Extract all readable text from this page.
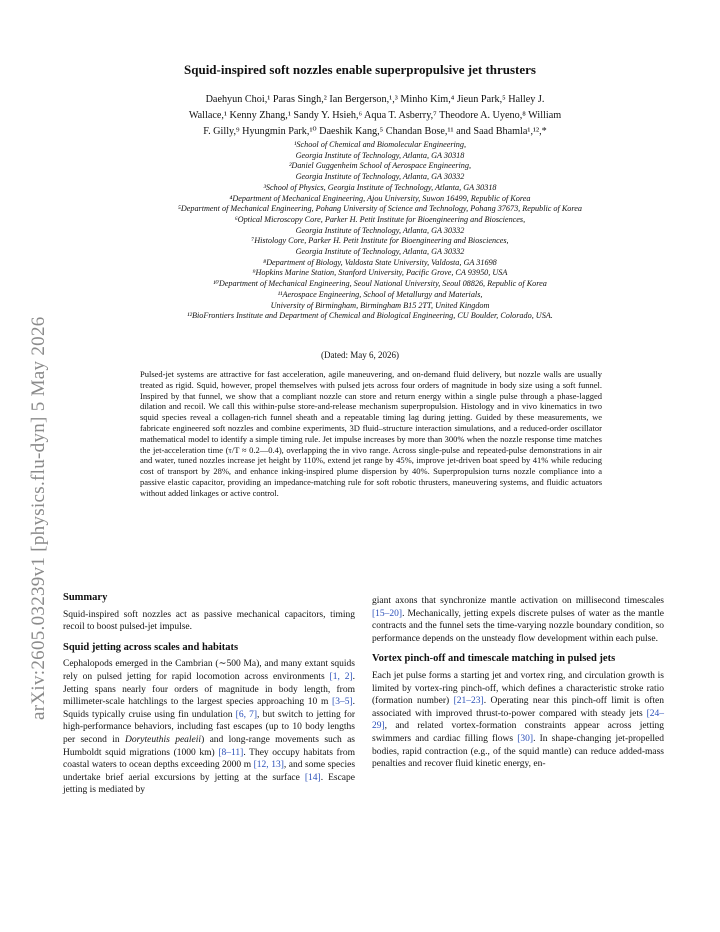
arXiv:2605.03239v1 [physics.flu-dyn] 5 May 2026
Squid-inspired soft nozzles enable superpropulsive jet thrusters
Daehyun Choi,¹ Paras Singh,² Ian Bergerson,¹,³ Minho Kim,⁴ Jieun Park,⁵ Halley J.
Wallace,¹ Kenny Zhang,¹ Sandy Y. Hsieh,⁶ Aqua T. Asberry,⁷ Theodore A. Uyeno,⁸ William
F. Gilly,⁹ Hyungmin Park,¹⁰ Daeshik Kang,⁵ Chandan Bose,¹¹ and Saad Bhamla¹,¹²,*
¹School of Chemical and Biomolecular Engineering,
Georgia Institute of Technology, Atlanta, GA 30318
²Daniel Guggenheim School of Aerospace Engineering,
Georgia Institute of Technology, Atlanta, GA 30332
³School of Physics, Georgia Institute of Technology, Atlanta, GA 30318
⁴Department of Mechanical Engineering, Ajou University, Suwon 16499, Republic of Korea
⁵Department of Mechanical Engineering, Pohang University of Science and Technology, Pohang 37673, Republic of Korea
⁶Optical Microscopy Core, Parker H. Petit Institute for Bioengineering and Biosciences,
Georgia Institute of Technology, Atlanta, GA 30332
⁷Histology Core, Parker H. Petit Institute for Bioengineering and Biosciences,
Georgia Institute of Technology, Atlanta, GA 30332
⁸Department of Biology, Valdosta State University, Valdosta, GA 31698
⁹Hopkins Marine Station, Stanford University, Pacific Grove, CA 93950, USA
¹⁰Department of Mechanical Engineering, Seoul National University, Seoul 08826, Republic of Korea
¹¹Aerospace Engineering, School of Metallurgy and Materials,
University of Birmingham, Birmingham B15 2TT, United Kingdom
¹²BioFrontiers Institute and Department of Chemical and Biological Engineering, CU Boulder, Colorado, USA.
(Dated: May 6, 2026)
Pulsed-jet systems are attractive for fast acceleration, agile maneuvering, and on-demand fluid delivery, but nozzle walls are usually treated as rigid. Squid, however, propel themselves with pulsed jets across four orders of magnitude in body size using a soft funnel. Inspired by that funnel, we show that a compliant nozzle can store and return energy within a single pulse through a phase-lagged dilation and recoil. We call this within-pulse store-and-release mechanism superpropulsion. Histology and in vivo kinematics in two squid species reveal a collagen-rich funnel sheath and a repeatable timing lag during jetting. Guided by these measurements, we fabricate engineered soft nozzles and combine experiments, 3D fluid–structure interaction simulations, and a reduced-order oscillator mathematical model to identify a simple timing rule. Jet impulse increases by more than 300% when the nozzle response time matches the jet-acceleration time (τ/T ≈ 0.2—0.4), overlapping the in vivo range. Across single-pulse and repeated-pulse demonstrations in air and water, tuned nozzles increase jet height by 110%, extend jet range by 45%, improve jet-driven boat speed by 41% while reducing cost of transport by 28%, and enhance inking-inspired plume dispersion by 40%. Superpropulsion turns nozzle compliance into a passive elastic capacitor, providing an impedance-matching rule for soft robotic thrusters, maneuvering systems, and fluidic actuators without added linkages or active control.
Summary

Squid-inspired soft nozzles act as passive mechanical capacitors, timing recoil to boost pulsed-jet impulse.

Squid jetting across scales and habitats

Cephalopods emerged in the Cambrian (∼500 Ma), and many extant squids rely on pulsed jetting for rapid locomotion across environments [1, 2]. Jetting spans nearly four orders of magnitude in body length, from millimeter-scale hatchlings to the largest species approaching 10 m [3–5]. Squids typically cruise using fin undulation [6, 7], but switch to jetting for high-performance behaviors, including fast escapes (up to 10 body lengths per second in Doryteuthis pealeii) and long-range movements such as Humboldt squid migrations (1000 km) [8–11]. They occupy habitats from coastal waters to ocean depths exceeding 2000 m [12, 13], and some species undertake brief aerial excursions by jetting at the surface [14]. Escape jetting is mediated by

giant axons that synchronize mantle activation on millisecond timescales [15–20]. Mechanically, jetting expels discrete pulses of water as the mantle contracts and the funnel sets the time-varying nozzle boundary condition, so performance depends on the unsteady flow development within each pulse.

Vortex pinch-off and timescale matching in pulsed jets

Each jet pulse forms a starting jet and vortex ring, and circulation growth is limited by vortex-ring pinch-off, which defines a characteristic stroke ratio (formation number) [21–23]. Operating near this pinch-off limit is often associated with improved thrust-to-power compared with steady jets [24–29], and related vortex-formation constraints appear across jetting swimmers and cardiac filling flows [30]. In shape-changing jet-propelled bodies, rapid contraction (e.g., of the squid mantle) can reduce added-mass penalties and recover fluid kinetic energy, en-
